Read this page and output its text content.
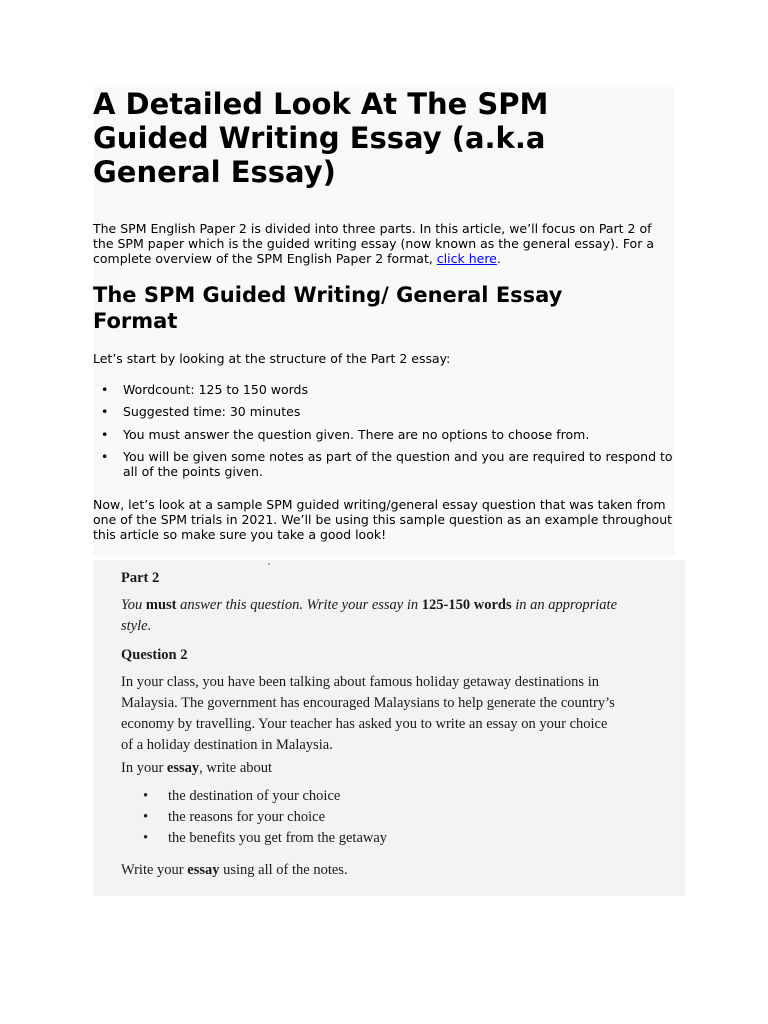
A Detailed Look At The SPM Guided Writing Essay (a.k.a General Essay)

The SPM English Paper 2 is divided into three parts. In this article, we’ll focus on Part 2 of the SPM paper which is the guided writing essay (now known as the general essay). For a complete overview of the SPM English Paper 2 format, click here.

The SPM Guided Writing/ General Essay Format

Let’s start by looking at the structure of the Part 2 essay:

• Wordcount: 125 to 150 words
• Suggested time: 30 minutes
• You must answer the question given. There are no options to choose from.
• You will be given some notes as part of the question and you are required to respond to all of the points given.

Now, let’s look at a sample SPM guided writing/general essay question that was taken from one of the SPM trials in 2021. We’ll be using this sample question as an example throughout this article so make sure you take a good look!

Part 2

You must answer this question. Write your essay in 125-150 words in an appropriate

style.

Question 2

In your class, you have been talking about famous holiday getaway destinations in

Malaysia. The government has encouraged Malaysians to help generate the country’s

economy by travelling. Your teacher has asked you to write an essay on your choice

of a holiday destination in Malaysia.

In your essay, write about

• the destination of your choice
• the reasons for your choice
• the benefits you get from the getaway

Write your essay using all of the notes.
